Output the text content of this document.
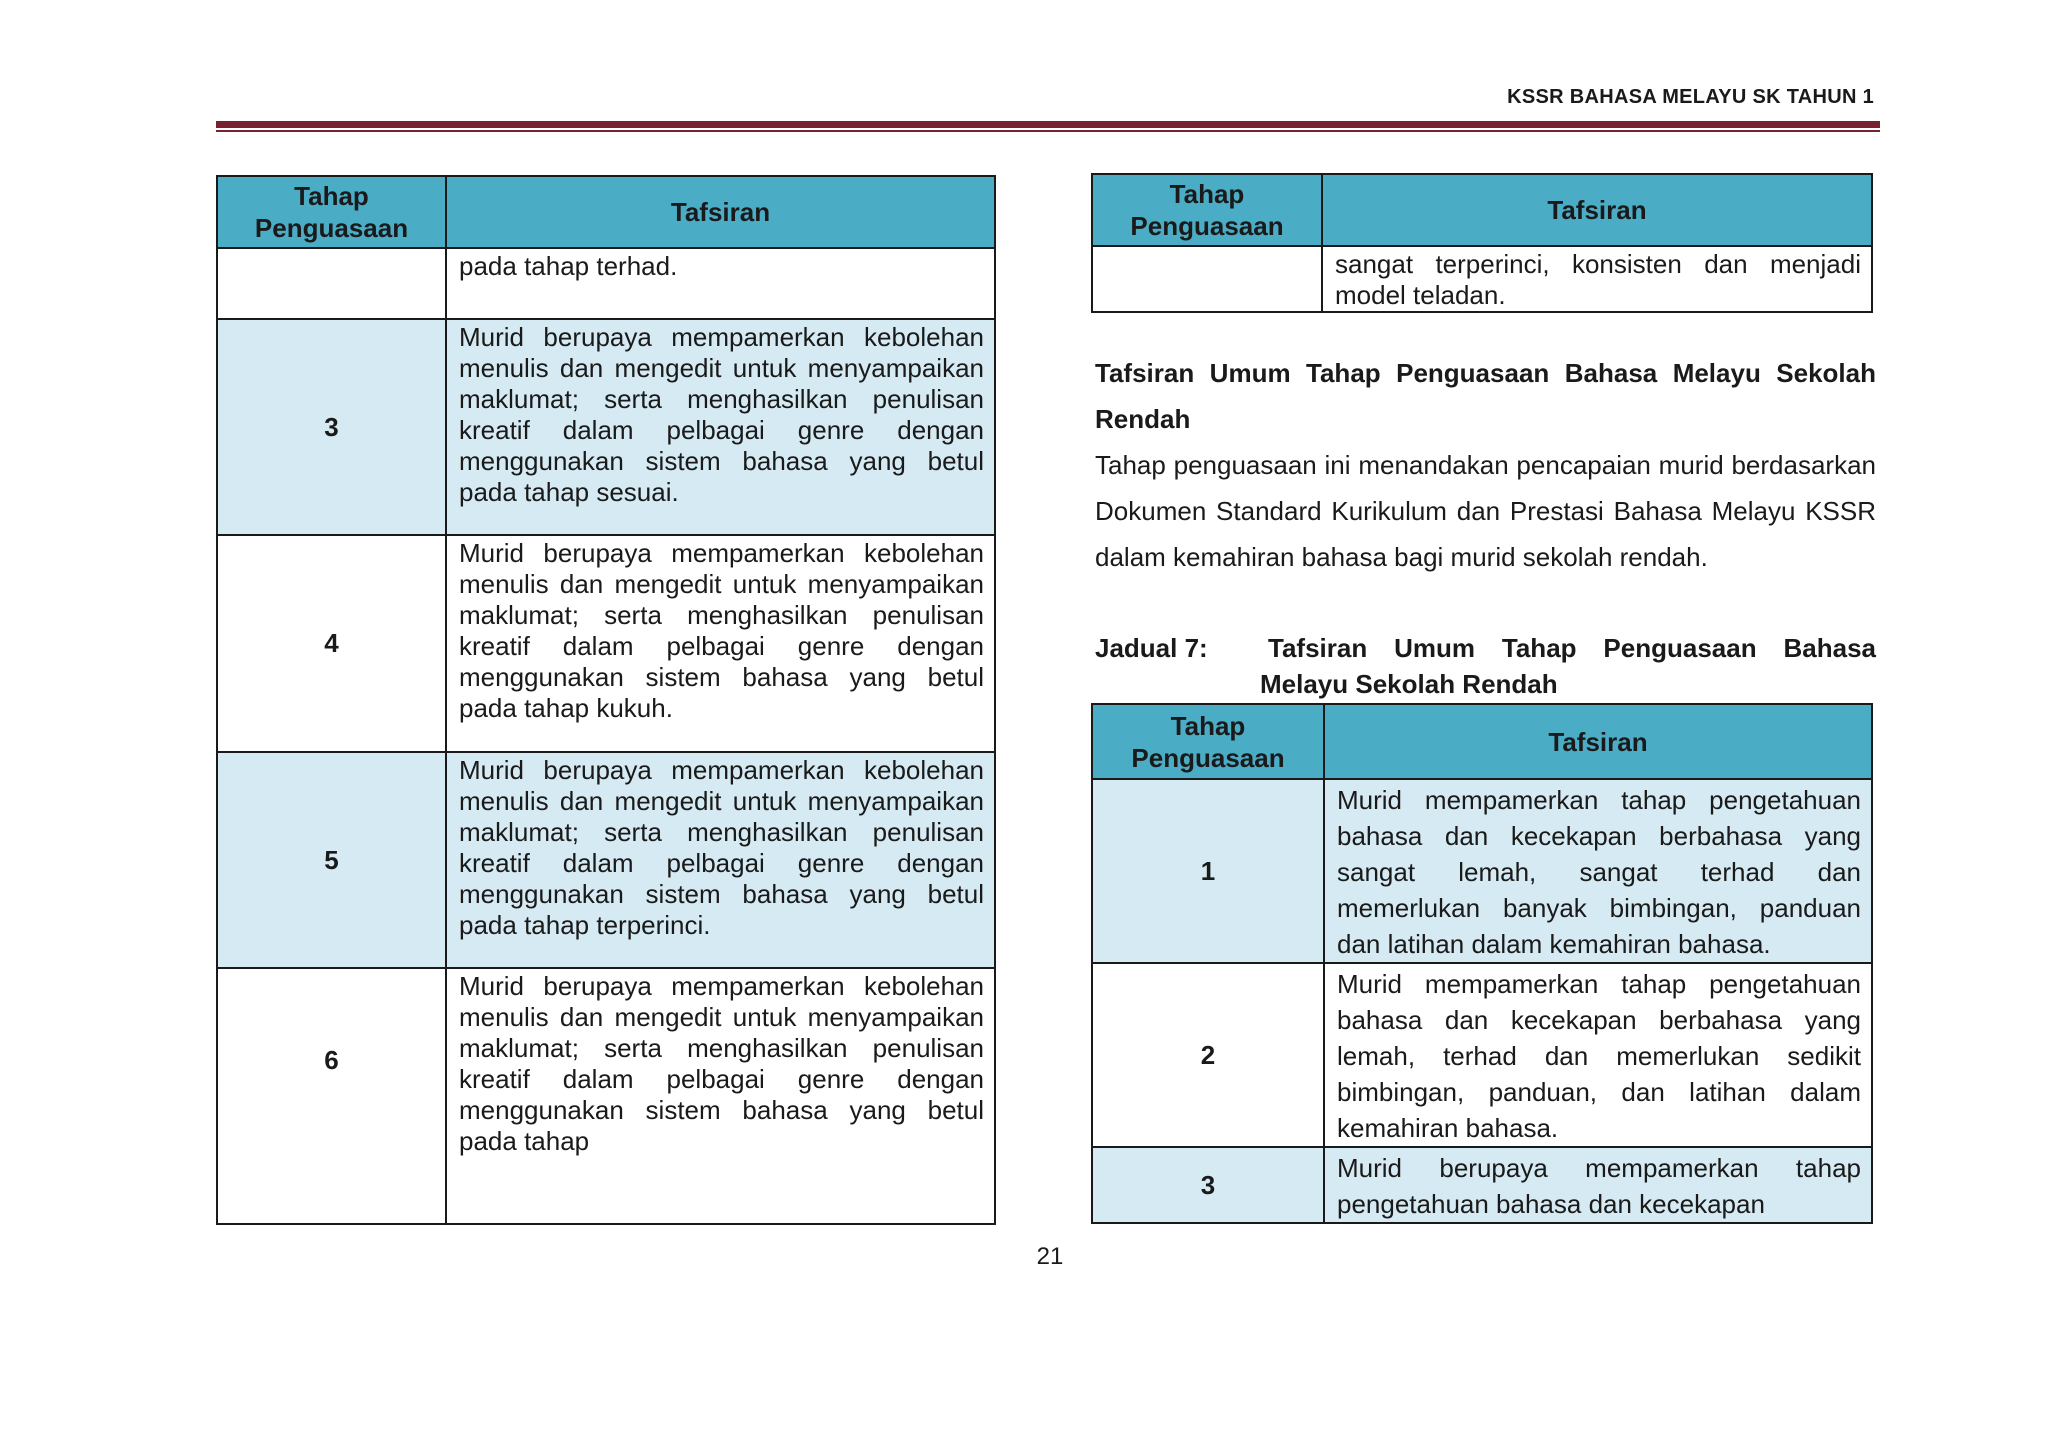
KSSR BAHASA MELAYU SK TAHUN 1
Tahap Penguasaan	Tafsiran
	pada tahap terhad.
3	Murid berupaya mempamerkan kebolehan menulis dan mengedit untuk menyampaikan maklumat; serta menghasilkan penulisan kreatif dalam pelbagai genre dengan menggunakan sistem bahasa yang betul pada tahap sesuai.
4	Murid berupaya mempamerkan kebolehan menulis dan mengedit untuk menyampaikan maklumat; serta menghasilkan penulisan kreatif dalam pelbagai genre dengan menggunakan sistem bahasa yang betul pada tahap kukuh.
5	Murid berupaya mempamerkan kebolehan menulis dan mengedit untuk menyampaikan maklumat; serta menghasilkan penulisan kreatif dalam pelbagai genre dengan menggunakan sistem bahasa yang betul pada tahap terperinci.
6	Murid berupaya mempamerkan kebolehan menulis dan mengedit untuk menyampaikan maklumat; serta menghasilkan penulisan kreatif dalam pelbagai genre dengan menggunakan sistem bahasa yang betul pada tahap
Tahap Penguasaan	Tafsiran
	sangat terperinci, konsisten dan menjadi model teladan.
Tafsiran Umum Tahap Penguasaan Bahasa Melayu Sekolah Rendah
Tahap penguasaan ini menandakan pencapaian murid berdasarkan Dokumen Standard Kurikulum dan Prestasi Bahasa Melayu KSSR dalam kemahiran bahasa bagi murid sekolah rendah.
Jadual 7:	Tafsiran Umum Tahap Penguasaan Bahasa Melayu Sekolah Rendah
Tahap Penguasaan	Tafsiran
1	Murid mempamerkan tahap pengetahuan bahasa dan kecekapan berbahasa yang sangat lemah, sangat terhad dan memerlukan banyak bimbingan, panduan dan latihan dalam kemahiran bahasa.
2	Murid mempamerkan tahap pengetahuan bahasa dan kecekapan berbahasa yang lemah, terhad dan memerlukan sedikit bimbingan, panduan, dan latihan dalam kemahiran bahasa.
3	Murid berupaya mempamerkan tahap pengetahuan bahasa dan kecekapan
21
